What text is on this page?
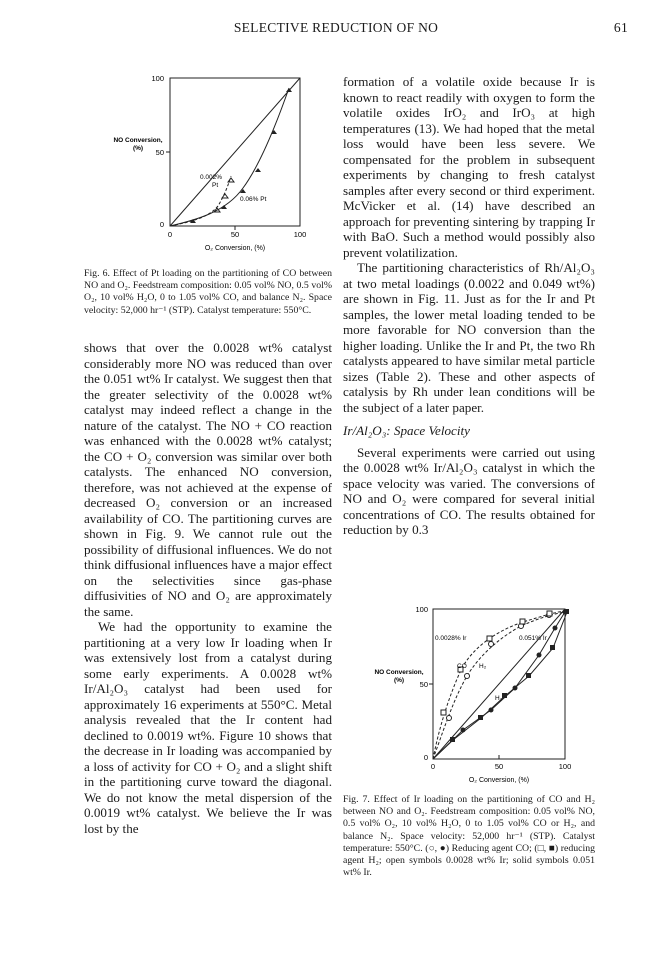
SELECTIVE REDUCTION OF NO	61
100
50
0
0	50	100
NO Conversion,
(%)
O₂ Conversion, (%)
0.002%
Pt
0.06% Pt

Fig. 6. Effect of Pt loading on the partitioning of CO between NO and O₂. Feedstream composition: 0.05 vol% NO, 0.5 vol% O₂, 10 vol% H₂O, 0 to 1.05 vol% CO, and balance N₂. Space velocity: 52,000 hr⁻¹ (STP). Catalyst temperature: 550°C.

shows that over the 0.0028 wt% catalyst considerably more NO was reduced than over the 0.051 wt% Ir catalyst. We suggest then that the greater selectivity of the 0.0028 wt% catalyst may indeed reflect a change in the nature of the catalyst. The NO + CO reaction was enhanced with the 0.0028 wt% catalyst; the CO + O₂ conversion was similar over both catalysts. The enhanced NO conversion, therefore, was not achieved at the expense of decreased O₂ conversion or an increased availability of CO. The partitioning curves are shown in Fig. 9. We cannot rule out the possibility of diffusional influences. We do not think diffusional influences have a major effect on the selectivities since gas-phase diffusivities of NO and O₂ are approximately the same.

We had the opportunity to examine the partitioning at a very low Ir loading when Ir was extensively lost from a catalyst during some early experiments. A 0.0028 wt% Ir/Al₂O₃ catalyst had been used for approximately 16 experiments at 550°C. Metal analysis revealed that the Ir content had declined to 0.0019 wt%. Figure 10 shows that the decrease in Ir loading was accompanied by a loss of activity for CO + O₂ and a slight shift in the partitioning curve toward the diagonal. We do not know the metal dispersion of the 0.0019 wt% catalyst. We believe the Ir was lost by the

formation of a volatile oxide because Ir is known to react readily with oxygen to form the volatile oxides IrO₂ and IrO₃ at high temperatures (13). We had hoped that the metal loss would have been less severe. We compensated for the problem in subsequent experiments by changing to fresh catalyst samples after every second or third experiment. McVicker et al. (14) have described an approach for preventing sintering by trapping Ir with BaO. Such a method would possibly also prevent volatilization.

The partitioning characteristics of Rh/Al₂O₃ at two metal loadings (0.0022 and 0.049 wt%) are shown in Fig. 11. Just as for the Ir and Pt samples, the lower metal loading tended to be more favorable for NO conversion than the higher loading. Unlike the Ir and Pt, the two Rh catalysts appeared to have similar metal particle sizes (Table 2). These and other aspects of catalysis by Rh under lean conditions will be the subject of a later paper.

Ir/Al₂O₃: Space Velocity

Several experiments were carried out using the 0.0028 wt% Ir/Al₂O₃ catalyst in which the space velocity was varied. The conversions of NO and O₂ were compared for several initial concentrations of CO. The results obtained for reduction by 0.3

100
50
0
0	50	100
NO Conversion,
(%)
O₂ Conversion, (%)
0.0028% Ir	0.051% Ir
CO H₂
H₂

Fig. 7. Effect of Ir loading on the partitioning of CO and H₂ between NO and O₂. Feedstream composition: 0.05 vol% NO, 0.5 vol% O₂, 10 vol% H₂O, 0 to 1.05 vol% CO or H₂, and balance N₂. Space velocity: 52,000 hr⁻¹ (STP). Catalyst temperature: 550°C. (○, ●) Reducing agent CO; (□, ■) reducing agent H₂; open symbols 0.0028 wt% Ir; solid symbols 0.051 wt% Ir.
